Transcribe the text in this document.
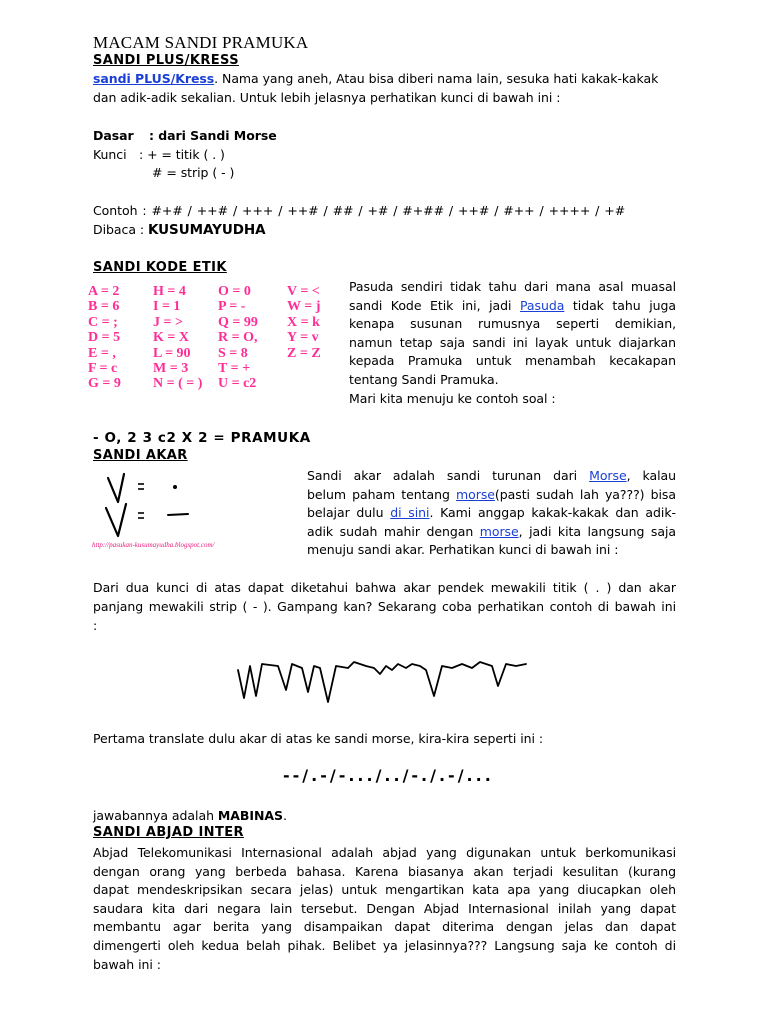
MACAM SANDI PRAMUKA
SANDI PLUS/KRESS
sandi PLUS/Kress. Nama yang aneh, Atau bisa diberi nama lain, sesuka hati kakak-kakak
dan adik-adik sekalian. Untuk lebih jelasnya perhatikan kunci di bawah ini :
Dasar : dari Sandi Morse
Kunci : + = titik ( . )
# = strip ( - )
Contoh : #+# / ++# / +++ / ++# / ## / +# / #+## / ++# / #++ / ++++ / +#
Dibaca : KUSUMAYUDHA
SANDI KODE ETIK
A = 2 H = 4 O = 0	V = <
B = 6 I = 1	P = -	W = j
C = ;	J = >	Q = 99 X = k
D = 5 K = X R = O, Y = v
E = ,	L = 90 S = 8	Z = Z
F = c	M = 3 T = +
G = 9 N = ( = ) U = c2
Pasuda sendiri tidak tahu dari mana asal muasal
sandi Kode Etik ini, jadi Pasuda tidak tahu juga
kenapa susunan rumusnya seperti demikian,
namun tetap saja sandi ini layak untuk diajarkan
kepada Pramuka untuk menambah kecakapan
tentang Sandi Pramuka.
Mari kita menuju ke contoh soal :
- O, 2 3 c2 X 2 = PRAMUKA
SANDI AKAR
http://pasukan-kusumayudha.blogspot.com/
Sandi akar adalah sandi turunan dari Morse, kalau
belum paham tentang morse(pasti sudah lah ya???) bisa
belajar dulu di sini. Kami anggap kakak-kakak dan adik-
adik sudah mahir dengan morse, jadi kita langsung saja
menuju sandi akar. Perhatikan kunci di bawah ini :
Dari dua kunci di atas dapat diketahui bahwa akar pendek mewakili titik ( . ) dan akar
panjang mewakili strip ( - ). Gampang kan? Sekarang coba perhatikan contoh di bawah ini
:
Pertama translate dulu akar di atas ke sandi morse, kira-kira seperti ini :
--/.-/-.../../-./.-/...
jawabannya adalah MABINAS.
SANDI ABJAD INTER
Abjad Telekomunikasi Internasional adalah abjad yang digunakan untuk berkomunikasi
dengan orang yang berbeda bahasa. Karena biasanya akan terjadi kesulitan (kurang
dapat mendeskripsikan secara jelas) untuk mengartikan kata apa yang diucapkan oleh
saudara kita dari negara lain tersebut. Dengan Abjad Internasional inilah yang dapat
membantu agar berita yang disampaikan dapat diterima dengan jelas dan dapat
dimengerti oleh kedua belah pihak. Belibet ya jelasinnya??? Langsung saja ke contoh di
bawah ini :
